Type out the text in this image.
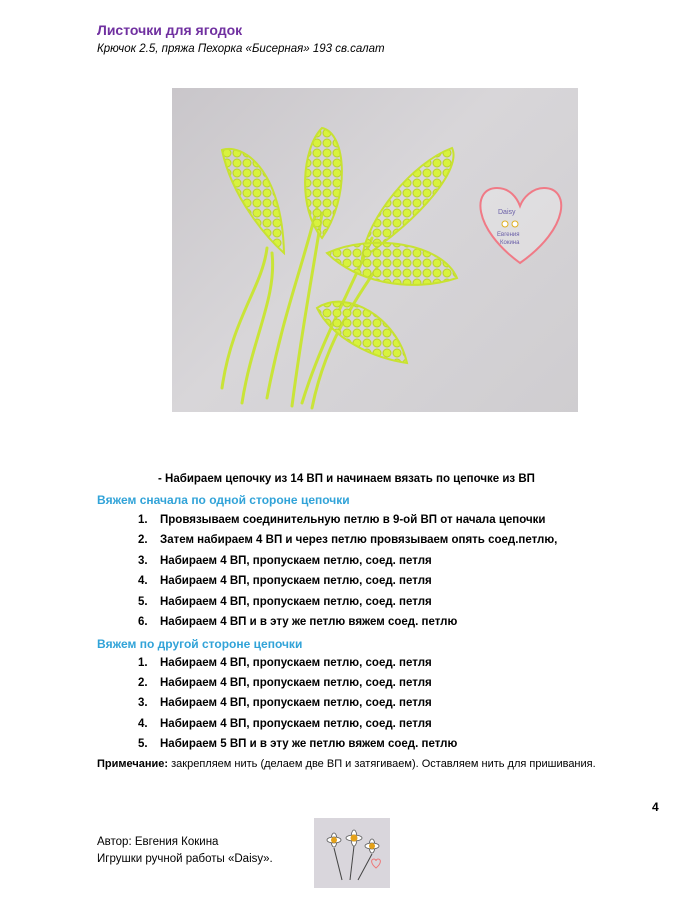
Листочки для ягодок
Крючок 2.5, пряжа Пехорка «Бисерная» 193 св.салат
Daisy
Евгения
Кокина
- Набираем цепочку из 14 ВП и начинаем вязать по цепочке из ВП
Вяжем сначала по одной стороне цепочки
1. Провязываем соединительную петлю в 9-ой ВП от начала цепочки
2. Затем набираем 4 ВП и через петлю провязываем опять соед.петлю,
3. Набираем 4 ВП, пропускаем петлю, соед. петля
4. Набираем 4 ВП, пропускаем петлю, соед. петля
5. Набираем 4 ВП, пропускаем петлю, соед. петля
6. Набираем 4 ВП и в эту же петлю вяжем соед. петлю
Вяжем по другой стороне цепочки
1. Набираем 4 ВП, пропускаем петлю, соед. петля
2. Набираем 4 ВП, пропускаем петлю, соед. петля
3. Набираем 4 ВП, пропускаем петлю, соед. петля
4. Набираем 4 ВП, пропускаем петлю, соед. петля
5. Набираем 5 ВП и в эту же петлю вяжем соед. петлю
Примечание: закрепляем нить (делаем две ВП и затягиваем). Оставляем нить для пришивания.
4
Автор: Евгения Кокина
Игрушки ручной работы «Daisy».
